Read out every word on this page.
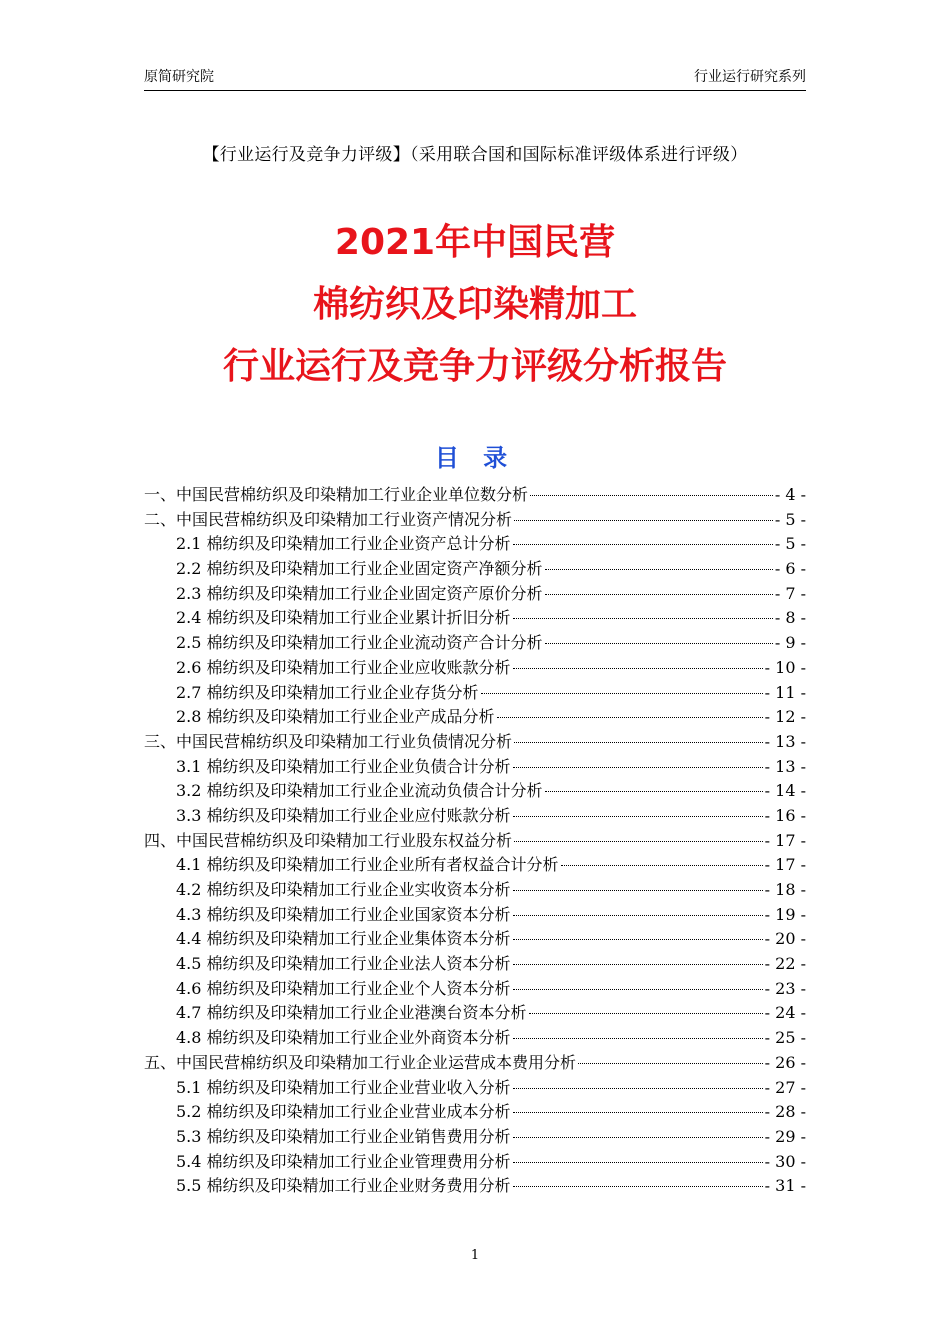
原简研究院	行业运行研究系列
【行业运行及竞争力评级】（采用联合国和国际标准评级体系进行评级）
2021年中国民营
棉纺织及印染精加工
行业运行及竞争力评级分析报告
目 录
一、中国民营棉纺织及印染精加工行业企业单位数分析	- 4 -
二、中国民营棉纺织及印染精加工行业资产情况分析	- 5 -
2.1 棉纺织及印染精加工行业企业资产总计分析	- 5 -
2.2 棉纺织及印染精加工行业企业固定资产净额分析	- 6 -
2.3 棉纺织及印染精加工行业企业固定资产原价分析	- 7 -
2.4 棉纺织及印染精加工行业企业累计折旧分析	- 8 -
2.5 棉纺织及印染精加工行业企业流动资产合计分析	- 9 -
2.6 棉纺织及印染精加工行业企业应收账款分析	- 10 -
2.7 棉纺织及印染精加工行业企业存货分析	- 11 -
2.8 棉纺织及印染精加工行业企业产成品分析	- 12 -
三、中国民营棉纺织及印染精加工行业负债情况分析	- 13 -
3.1 棉纺织及印染精加工行业企业负债合计分析	- 13 -
3.2 棉纺织及印染精加工行业企业流动负债合计分析	- 14 -
3.3 棉纺织及印染精加工行业企业应付账款分析	- 16 -
四、中国民营棉纺织及印染精加工行业股东权益分析	- 17 -
4.1 棉纺织及印染精加工行业企业所有者权益合计分析	- 17 -
4.2 棉纺织及印染精加工行业企业实收资本分析	- 18 -
4.3 棉纺织及印染精加工行业企业国家资本分析	- 19 -
4.4 棉纺织及印染精加工行业企业集体资本分析	- 20 -
4.5 棉纺织及印染精加工行业企业法人资本分析	- 22 -
4.6 棉纺织及印染精加工行业企业个人资本分析	- 23 -
4.7 棉纺织及印染精加工行业企业港澳台资本分析	- 24 -
4.8 棉纺织及印染精加工行业企业外商资本分析	- 25 -
五、中国民营棉纺织及印染精加工行业企业运营成本费用分析	- 26 -
5.1 棉纺织及印染精加工行业企业营业收入分析	- 27 -
5.2 棉纺织及印染精加工行业企业营业成本分析	- 28 -
5.3 棉纺织及印染精加工行业企业销售费用分析	- 29 -
5.4 棉纺织及印染精加工行业企业管理费用分析	- 30 -
5.5 棉纺织及印染精加工行业企业财务费用分析	- 31 -
1
